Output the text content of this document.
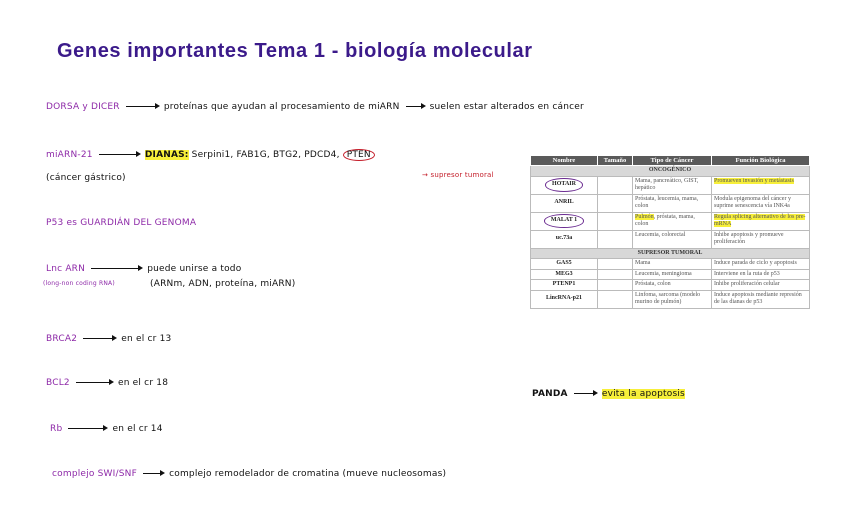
Genes importantes Tema 1 - biología molecular
DORSA y DICER	proteínas que ayudan al procesamiento de miARN	suelen estar alterados en cáncer
miARN-21	DIANAS: Serpini1, FAB1G, BTG2, PDCD4, PTEN
(cáncer gástrico)	→ supresor tumoral
P53 es GUARDIÁN DEL GENOMA
Lnc ARN	puede unirse a todo
(long-non coding RNA)	(ARNm, ADN, proteína, miARN)
BRCA2	en el cr 13
BCL2	en el cr 18
Rb	en el cr 14
complejo SWI/SNF	complejo remodelador de cromatina (mueve nucleosomas)
Nombre	Tamaño	Tipo de Cáncer	Función Biológica
ONCOGÉNICO			
HOTAIR		Mama, pancreático, GIST, hepático	Promueven invasión y metástasis
ANRIL		Próstata, leucemia, mama, colon	Modula epigenoma del cáncer y suprime senescencia vía INK4a
MALAT 1		Pulmón, próstata, mama, colon	Regula splicing alternativo de los pre-mRNA
uc.73a		Leucemia, colorectal	Inhibe apoptosis y promueve proliferación
SUPRESOR TUMORAL			
GAS5		Mama	Induce parada de ciclo y apoptosis
MEG3		Leucemia, meningioma	Interviene en la ruta de p53
PTENP1		Próstata, colon	Inhibe proliferación celular
LincRNA-p21		Linfoma, sarcoma (modelo murino de pulmón)	Induce apoptosis mediante represión de las dianas de p53
PANDA	evita la apoptosis
